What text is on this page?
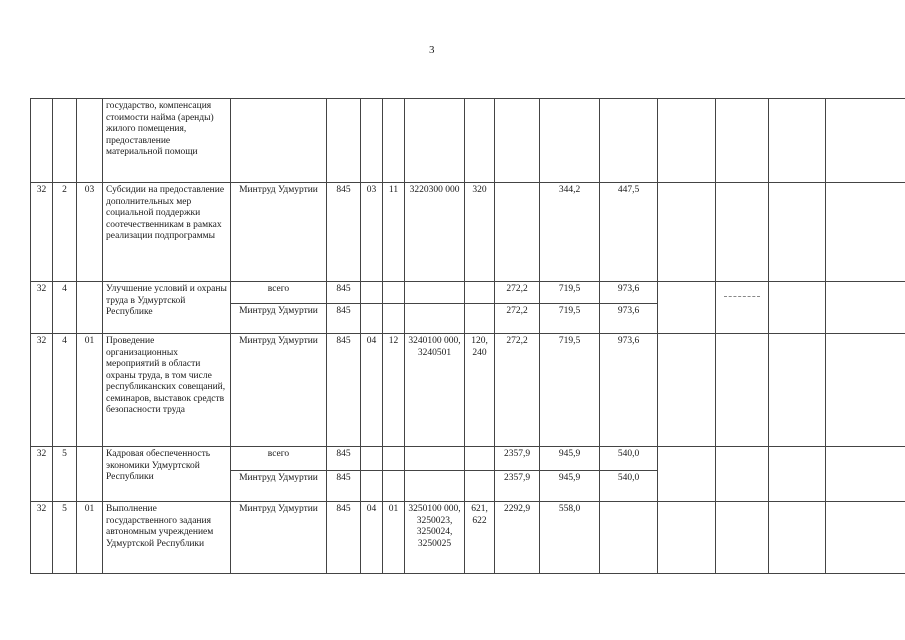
3
			государство, компенсация стоимости найма (аренды) жилого помещения, предоставление материальной помощи													
32	2	03	Субсидии на предоставление дополнительных мер социальной поддержки соотечественникам в рамках реализации подпрограммы	Минтруд Удмуртии	845	03	11	3220300 000	320		344,2	447,5				
32	4		Улучшение условий и охраны труда в Удмуртской Республике	всего	845					272,2	719,5	973,6		

				Минтруд Удмуртии	845					272,2	719,5	973,6				
32	4	01	Проведение организационных мероприятий в области охраны труда, в том числе республиканских совещаний, семинаров, выставок средств безопасности труда	Минтруд Удмуртии	845	04	12	3240100 000, 3240501	120, 240	272,2	719,5	973,6				
32	5		Кадровая обеспеченность экономики Удмуртской Республики	всего	845					2357,9	945,9	540,0				
				Минтруд Удмуртии	845					2357,9	945,9	540,0				
32	5	01	Выполнение государственного задания автономным учреждением Удмуртской Республики	Минтруд Удмуртии	845	04	01	3250100 000, 3250023, 3250024, 3250025	621, 622	2292,9	558,0					
